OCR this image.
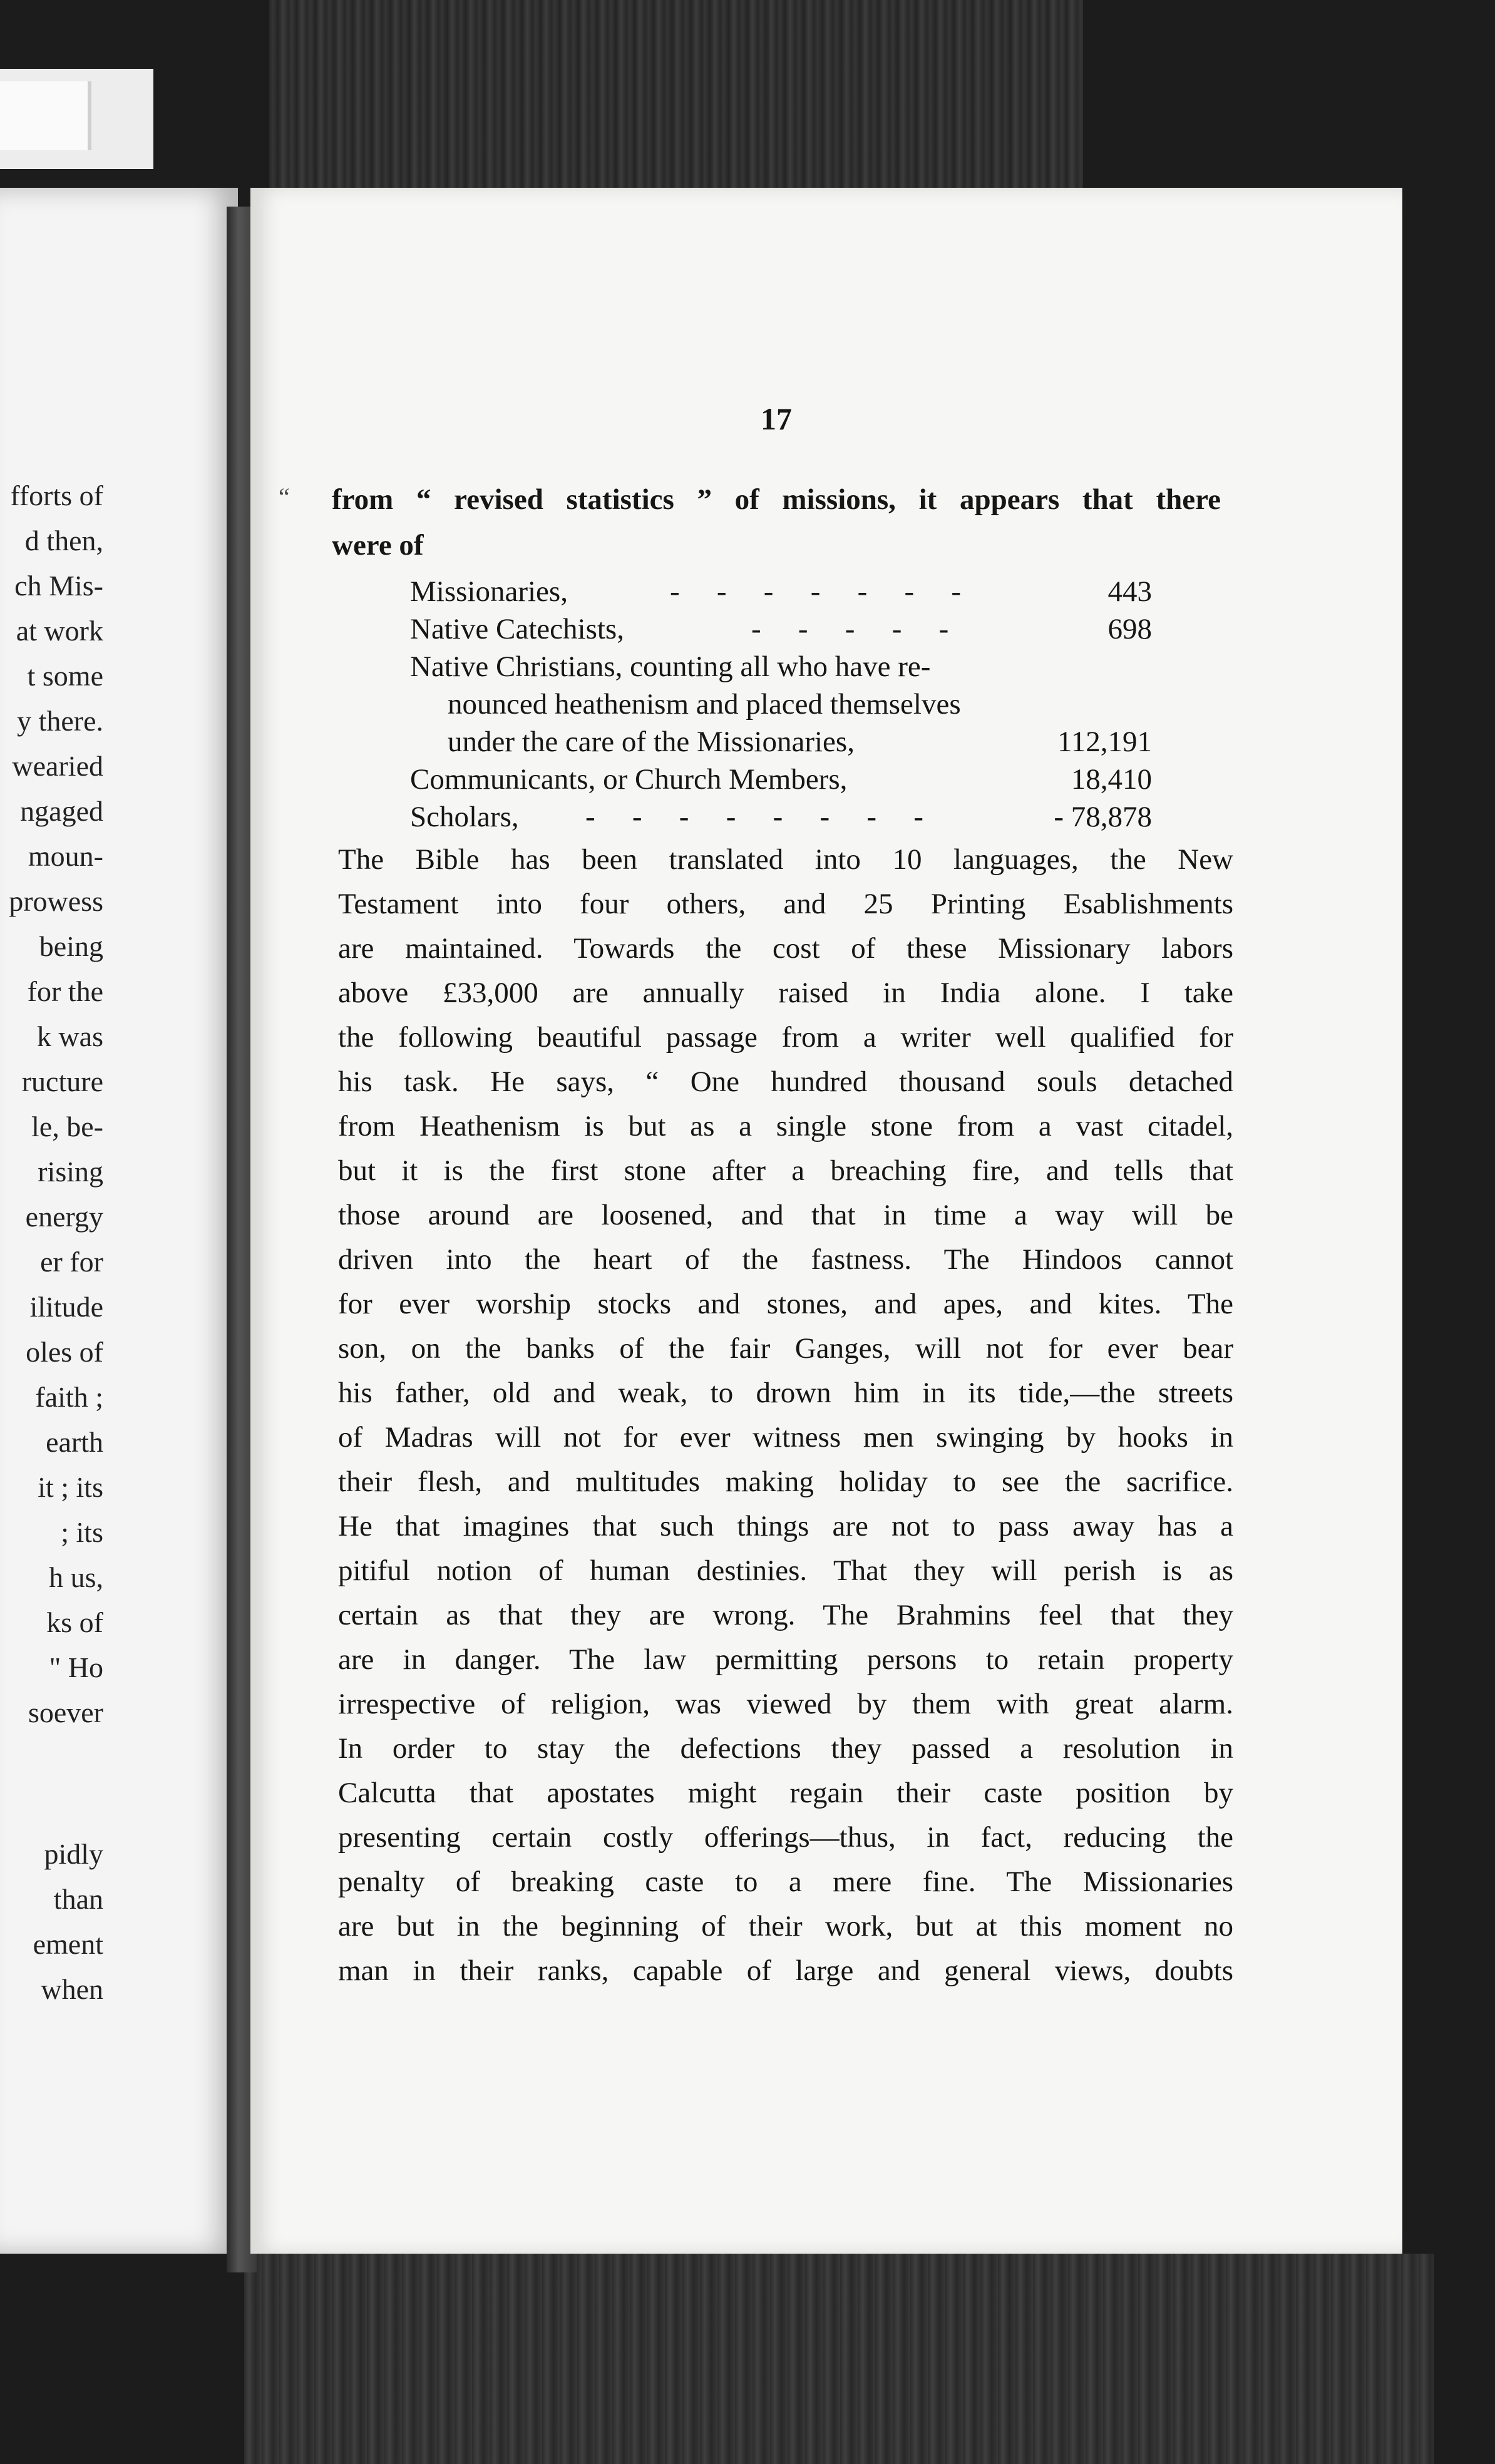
fforts of
d then,
ch Mis-
at work
t some
y there.
wearied
ngaged
moun-
prowess
being
for the
k was
ructure
le, be-
rising
energy
er for
ilitude
oles of
faith ;
earth
it ; its
; its
h us,
ks of
" Ho
soever
pidly
than
ement
when
17
“ from “ revised statistics ” of missions, it appears that there
were of
Missionaries,	-   -   -   -   -   -   -	443
Native Catechists,	-   -   -   -   -	698
Native Christians, counting all who have re-
nounced heathenism and placed themselves
under the care of the Missionaries,	112,191
Communicants, or Church Members,	18,410
Scholars, -   -   -   -   -   -   -   -	- 78,878
The Bible has been translated into 10 languages, the New
Testament into four others, and 25 Printing Esablishments
are maintained. Towards the cost of these Missionary labors
above £33,000 are annually raised in India alone. I take
the following beautiful passage from a writer well qualified for
his task. He says, “ One hundred thousand souls detached
from Heathenism is but as a single stone from a vast citadel,
but it is the first stone after a breaching fire, and tells that
those around are loosened, and that in time a way will be
driven into the heart of the fastness. The Hindoos cannot
for ever worship stocks and stones, and apes, and kites. The
son, on the banks of the fair Ganges, will not for ever bear
his father, old and weak, to drown him in its tide,—the streets
of Madras will not for ever witness men swinging by hooks in
their flesh, and multitudes making holiday to see the sacrifice.
He that imagines that such things are not to pass away has a
pitiful notion of human destinies. That they will perish is as
certain as that they are wrong. The Brahmins feel that they
are in danger. The law permitting persons to retain property
irrespective of religion, was viewed by them with great alarm.
In order to stay the defections they passed a resolution in
Calcutta that apostates might regain their caste position by
presenting certain costly offerings—thus, in fact, reducing the
penalty of breaking caste to a mere fine. The Missionaries
are but in the beginning of their work, but at this moment no
man in their ranks, capable of large and general views, doubts
